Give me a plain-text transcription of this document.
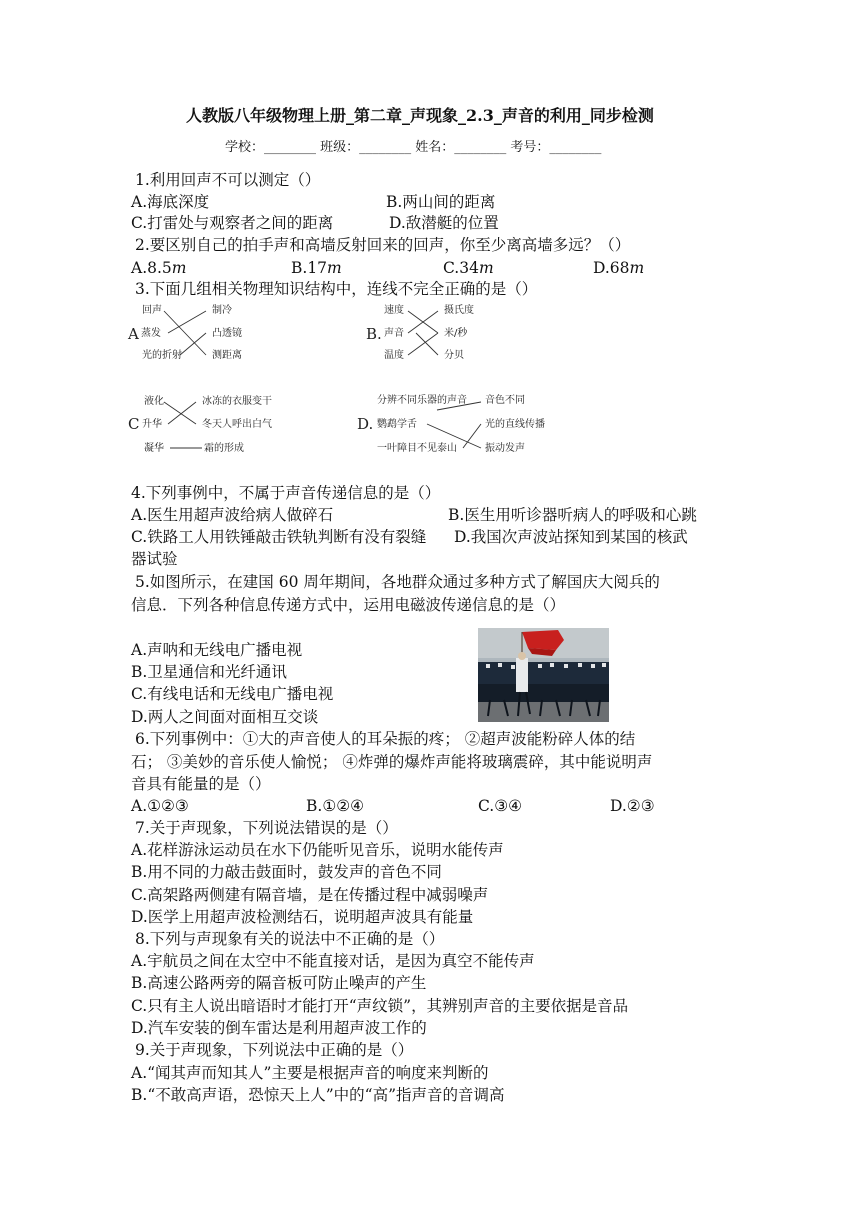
人教版八年级物理上册_第二章_声现象_2.3_声音的利用_同步检测
学校：________ 班级：________ 姓名：________ 考号：________
1.利用回声不可以测定（）
A.海底深度	B.两山间的距离
C.打雷处与观察者之间的距离	D.敌潜艇的位置
2.要区别自己的拍手声和高墙反射回来的回声，你至少离高墙多远？（）
A.8.5𝑚	B.17𝑚	C.34𝑚	D.68𝑚
3.下面几组相关物理知识结构中，连线不完全正确的是（）
A
回声
蒸发
光的折射
制冷
凸透镜
测距离
B.
速度
声音
温度
摄氏度
米/秒
分贝
C
液化
升华
凝华
冰冻的衣服变干
冬天人呼出白气
霜的形成
D.
分辨不同乐器的声音
鹦鹉学舌
一叶障目不见泰山
音色不同
光的直线传播
振动发声
4.下列事例中，不属于声音传递信息的是（）
A.医生用超声波给病人做碎石	B.医生用听诊器听病人的呼吸和心跳
C.铁路工人用铁锤敲击铁轨判断有没有裂缝 D.我国次声波站探知到某国的核武
器试验
5.如图所示，在建国 60 周年期间，各地群众通过多种方式了解国庆大阅兵的
信息．下列各种信息传递方式中，运用电磁波传递信息的是（）
A.声呐和无线电广播电视
B.卫星通信和光纤通讯
C.有线电话和无线电广播电视
D.两人之间面对面相互交谈
6.下列事例中：①大的声音使人的耳朵振的疼； ②超声波能粉碎人体的结
石； ③美妙的音乐使人愉悦； ④炸弹的爆炸声能将玻璃震碎，其中能说明声
音具有能量的是（）
A.①②③	B.①②④	C.③④	D.②③
7.关于声现象，下列说法错误的是（）
A.花样游泳运动员在水下仍能听见音乐，说明水能传声
B.用不同的力敲击鼓面时，鼓发声的音色不同
C.高架路两侧建有隔音墙，是在传播过程中减弱噪声
D.医学上用超声波检测结石，说明超声波具有能量
8.下列与声现象有关的说法中不正确的是（）
A.宇航员之间在太空中不能直接对话，是因为真空不能传声
B.高速公路两旁的隔音板可防止噪声的产生
C.只有主人说出暗语时才能打开“声纹锁”，其辨别声音的主要依据是音品
D.汽车安装的倒车雷达是利用超声波工作的
9.关于声现象，下列说法中正确的是（）
A.“闻其声而知其人”主要是根据声音的响度来判断的
B.“不敢高声语，恐惊天上人”中的“高”指声音的音调高
